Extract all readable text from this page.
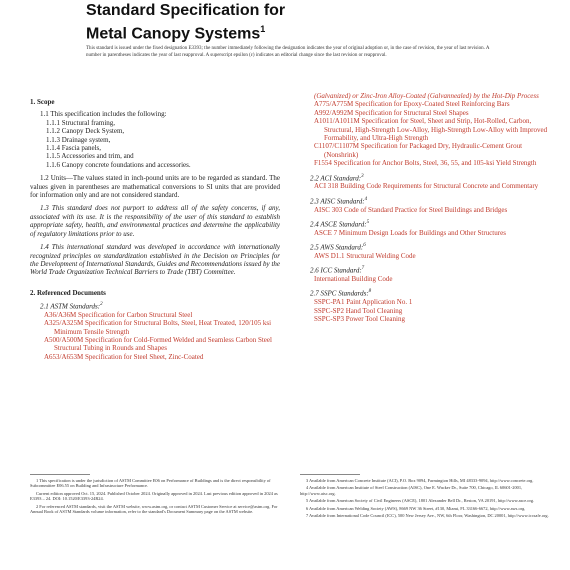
Standard Specification for
Metal Canopy Systems$^1$
This standard is issued under the fixed designation E3393; the number immediately following the designation indicates the year of original adoption or, in the case of revision, the year of last revision. A number in parentheses indicates the year of last reapproval. A superscript epsilon (ε) indicates an editorial change since the last revision or reapproval.

1. Scope

1.1 This specification includes the following:

1.1.1 Structural framing,

1.1.2 Canopy Deck System,

1.1.3 Drainage system,

1.1.4 Fascia panels,

1.1.5 Accessories and trim, and

1.1.6 Canopy concrete foundations and accessories.

1.2 Units—The values stated in inch-pound units are to be regarded as standard. The values given in parentheses are mathematical conversions to SI units that are provided for information only and are not considered standard.

1.3 This standard does not purport to address all of the safety concerns, if any, associated with its use. It is the responsibility of the user of this standard to establish appropriate safety, health, and environmental practices and determine the applicability of regulatory limitations prior to use.

1.4 This international standard was developed in accordance with internationally recognized principles on standardization established in the Decision on Principles for the Development of International Standards, Guides and Recommendations issued by the World Trade Organization Technical Barriers to Trade (TBT) Committee.

2. Referenced Documents

2.1 ASTM Standards:$^2$

A36/A36M Specification for Carbon Structural Steel

A325/A325M Specification for Structural Bolts, Steel, Heat Treated, 120/105 ksi Minimum Tensile Strength

A500/A500M Specification for Cold-Formed Welded and Seamless Carbon Steel Structural Tubing in Rounds and Shapes

A653/A653M Specification for Steel Sheet, Zinc-Coated

(Galvanized) or Zinc-Iron Alloy-Coated (Galvannealed) by the Hot-Dip Process

A775/A775M Specification for Epoxy-Coated Steel Reinforcing Bars

A992/A992M Specification for Structural Steel Shapes

A1011/A1011M Specification for Steel, Sheet and Strip, Hot-Rolled, Carbon, Structural, High-Strength Low-Alloy, High-Strength Low-Alloy with Improved Formability, and Ultra-High Strength

C1107/C1107M Specification for Packaged Dry, Hydraulic-Cement Grout (Nonshrink)

F1554 Specification for Anchor Bolts, Steel, 36, 55, and 105-ksi Yield Strength

2.2 ACI Standard:$^3$

ACI 318 Building Code Requirements for Structural Concrete and Commentary

2.3 AISC Standard:$^4$

AISC 303 Code of Standard Practice for Steel Buildings and Bridges

2.4 ASCE Standard:$^5$

ASCE 7 Minimum Design Loads for Buildings and Other Structures

2.5 AWS Standard:$^6$

AWS D1.1 Structural Welding Code

2.6 ICC Standard:$^7$

International Building Code

2.7 SSPC Standards:$^8$

SSPC-PA1 Paint Application No. 1

SSPC-SP2 Hand Tool Cleaning

SSPC-SP3 Power Tool Cleaning

1 This specification is under the jurisdiction of ASTM Committee E06 on Performance of Buildings and is the direct responsibility of Subcommittee E06.55 on Building and Infrastructure Performance.

Current edition approved Oct. 15, 2024. Published October 2024. Originally approved in 2024. Last previous edition approved in 2024 as E3393 – 24. DOI: 10.1520/E3393-24R24.

2 For referenced ASTM standards, visit the ASTM website, www.astm.org, or contact ASTM Customer Service at service@astm.org. For Annual Book of ASTM Standards volume information, refer to the standard's Document Summary page on the ASTM website.

3 Available from American Concrete Institute (ACI), P.O. Box 9094, Farmington Hills, MI 48333-9094, http://www.concrete.org.

4 Available from American Institute of Steel Construction (AISC), One E. Wacker Dr., Suite 700, Chicago, IL 60601-2001, http://www.aisc.org.

5 Available from American Society of Civil Engineers (ASCE), 1801 Alexander Bell Dr., Reston, VA 20191, http://www.asce.org.

6 Available from American Welding Society (AWS), 8669 NW 36 Street, #130, Miami, FL 33166-6672, http://www.aws.org.

7 Available from International Code Council (ICC), 500 New Jersey Ave., NW, 6th Floor, Washington, DC 20001, http://www.iccsafe.org.
